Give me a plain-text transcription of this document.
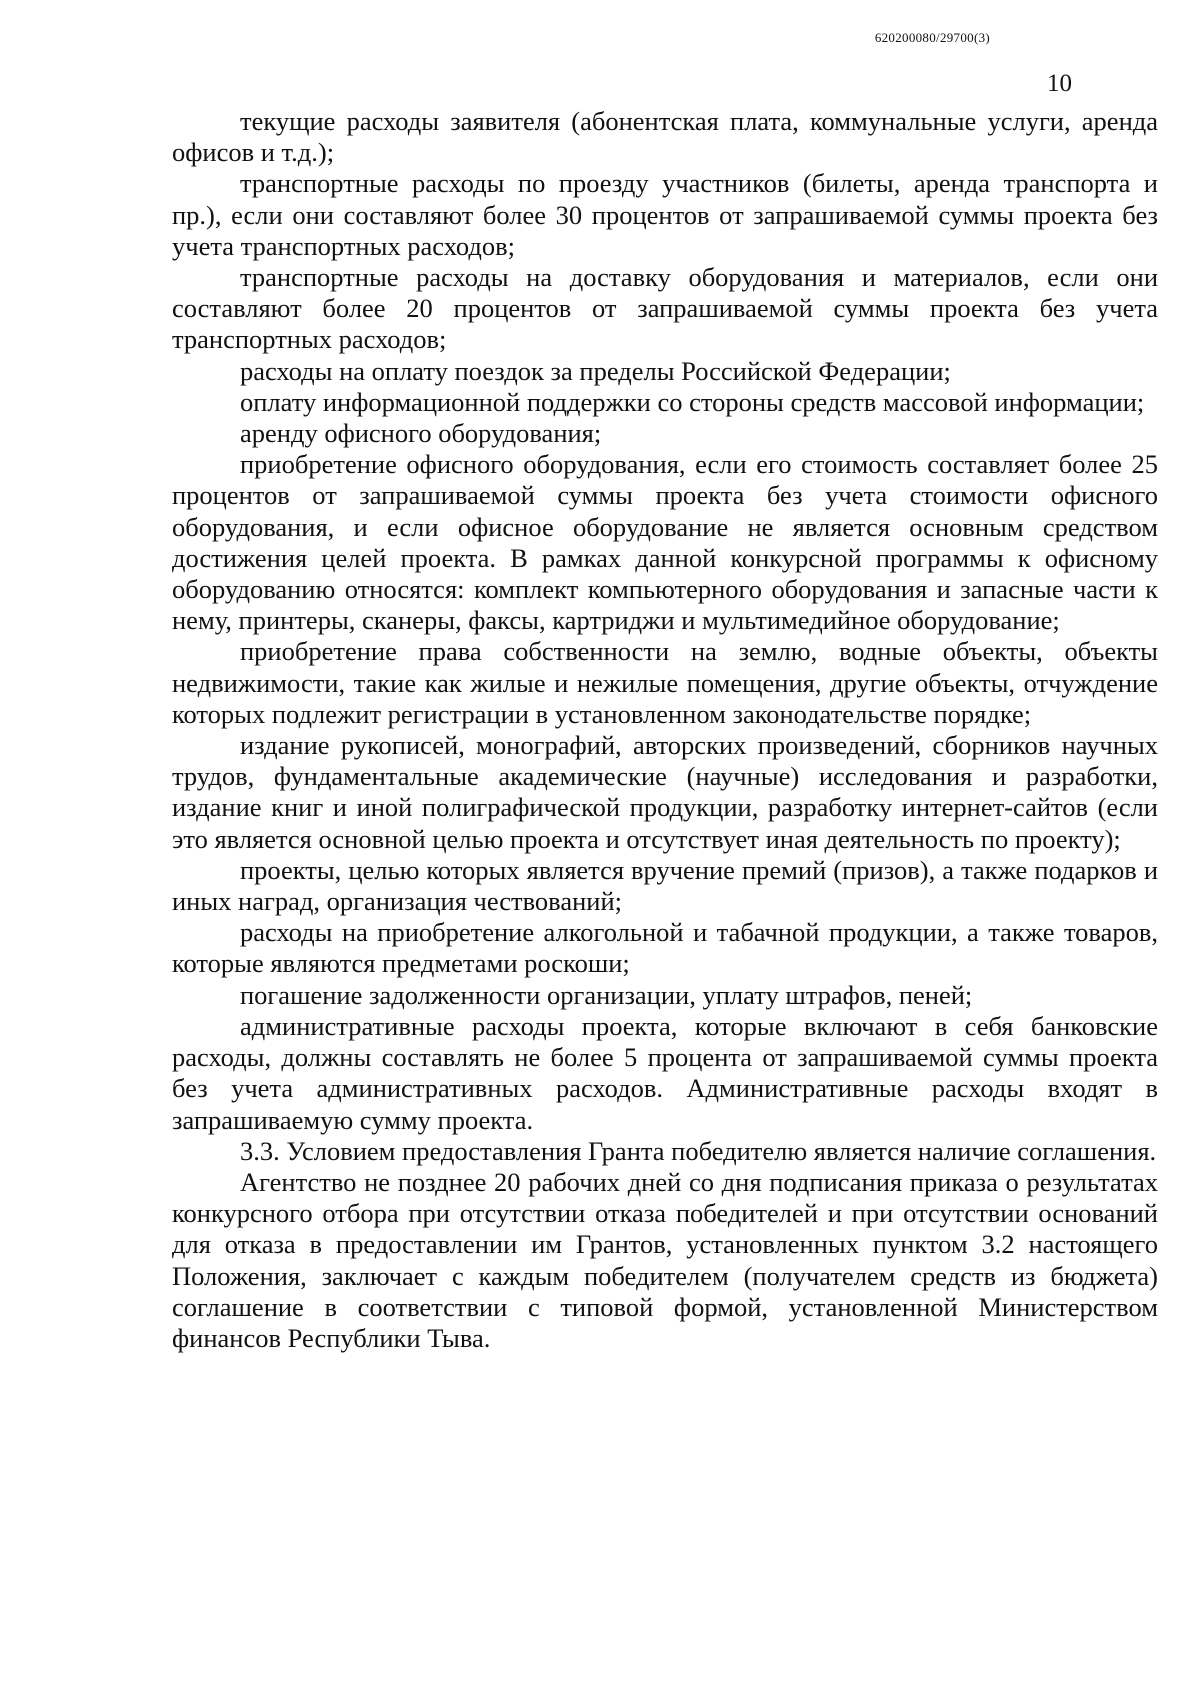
620200080/29700(3)
10

текущие расходы заявителя (абонентская плата, коммунальные услуги, аренда офисов и т.д.);

транспортные расходы по проезду участников (билеты, аренда транспорта и пр.), если они составляют более 30 процентов от запрашиваемой суммы проекта без учета транспортных расходов;

транспортные расходы на доставку оборудования и материалов, если они составляют более 20 процентов от запрашиваемой суммы проекта без учета транспортных расходов;

расходы на оплату поездок за пределы Российской Федерации;

оплату информационной поддержки со стороны средств массовой информации;

аренду офисного оборудования;

приобретение офисного оборудования, если его стоимость составляет более 25 процентов от запрашиваемой суммы проекта без учета стоимости офисного оборудования, и если офисное оборудование не является основным средством достижения целей проекта. В рамках данной конкурсной программы к офисному оборудованию относятся: комплект компьютерного оборудования и запасные части к нему, принтеры, сканеры, факсы, картриджи и мультимедийное оборудование;

приобретение права собственности на землю, водные объекты, объекты недвижимости, такие как жилые и нежилые помещения, другие объекты, отчуждение которых подлежит регистрации в установленном законодательстве порядке;

издание рукописей, монографий, авторских произведений, сборников научных трудов, фундаментальные академические (научные) исследования и разработки, издание книг и иной полиграфической продукции, разработку интернет-сайтов (если это является основной целью проекта и отсутствует иная деятельность по проекту);

проекты, целью которых является вручение премий (призов), а также подарков и иных наград, организация чествований;

расходы на приобретение алкогольной и табачной продукции, а также товаров, которые являются предметами роскоши;

погашение задолженности организации, уплату штрафов, пеней;

административные расходы проекта, которые включают в себя банковские расходы, должны составлять не более 5 процента от запрашиваемой суммы проекта без учета административных расходов. Административные расходы входят в запрашиваемую сумму проекта.

3.3. Условием предоставления Гранта победителю является наличие соглашения.

Агентство не позднее 20 рабочих дней со дня подписания приказа о результатах конкурсного отбора при отсутствии отказа победителей и при отсутствии оснований для отказа в предоставлении им Грантов, установленных пунктом 3.2 настоящего Положения, заключает с каждым победителем (получателем средств из бюджета) соглашение в соответствии с типовой формой, установленной Министерством финансов Республики Тыва.
